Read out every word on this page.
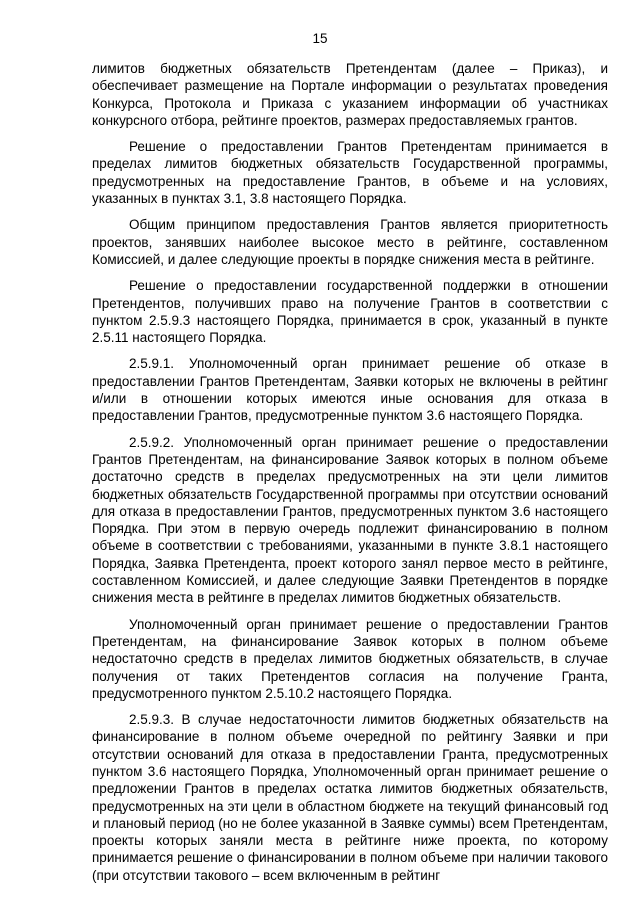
15

лимитов бюджетных обязательств Претендентам (далее – Приказ), и обеспечивает размещение на Портале информации о результатах проведения Конкурса, Протокола и Приказа с указанием информации об участниках конкурсного отбора, рейтинге проектов, размерах предоставляемых грантов.

Решение о предоставлении Грантов Претендентам принимается в пределах лимитов бюджетных обязательств Государственной программы, предусмотренных на предоставление Грантов, в объеме и на условиях, указанных в пунктах 3.1, 3.8 настоящего Порядка.

Общим принципом предоставления Грантов является приоритетность проектов, занявших наиболее высокое место в рейтинге, составленном Комиссией, и далее следующие проекты в порядке снижения места в рейтинге.

Решение о предоставлении государственной поддержки в отношении Претендентов, получивших право на получение Грантов в соответствии с пунктом 2.5.9.3 настоящего Порядка, принимается в срок, указанный в пункте 2.5.11 настоящего Порядка.

2.5.9.1. Уполномоченный орган принимает решение об отказе в предоставлении Грантов Претендентам, Заявки которых не включены в рейтинг и/или в отношении которых имеются иные основания для отказа в предоставлении Грантов, предусмотренные пунктом 3.6 настоящего Порядка.

2.5.9.2. Уполномоченный орган принимает решение о предоставлении Грантов Претендентам, на финансирование Заявок которых в полном объеме достаточно средств в пределах предусмотренных на эти цели лимитов бюджетных обязательств Государственной программы при отсутствии оснований для отказа в предоставлении Грантов, предусмотренных пунктом 3.6 настоящего Порядка. При этом в первую очередь подлежит финансированию в полном объеме в соответствии с требованиями, указанными в пункте 3.8.1 настоящего Порядка, Заявка Претендента, проект которого занял первое место в рейтинге, составленном Комиссией, и далее следующие Заявки Претендентов в порядке снижения места в рейтинге в пределах лимитов бюджетных обязательств.

Уполномоченный орган принимает решение о предоставлении Грантов Претендентам, на финансирование Заявок которых в полном объеме недостаточно средств в пределах лимитов бюджетных обязательств, в случае получения от таких Претендентов согласия на получение Гранта, предусмотренного пунктом 2.5.10.2 настоящего Порядка.

2.5.9.3. В случае недостаточности лимитов бюджетных обязательств на финансирование в полном объеме очередной по рейтингу Заявки и при отсутствии оснований для отказа в предоставлении Гранта, предусмотренных пунктом 3.6 настоящего Порядка, Уполномоченный орган принимает решение о предложении Грантов в пределах остатка лимитов бюджетных обязательств, предусмотренных на эти цели в областном бюджете на текущий финансовый год и плановый период (но не более указанной в Заявке суммы) всем Претендентам, проекты которых заняли места в рейтинге ниже проекта, по которому принимается решение о финансировании в полном объеме при наличии такового (при отсутствии такового – всем включенным в рейтинг
